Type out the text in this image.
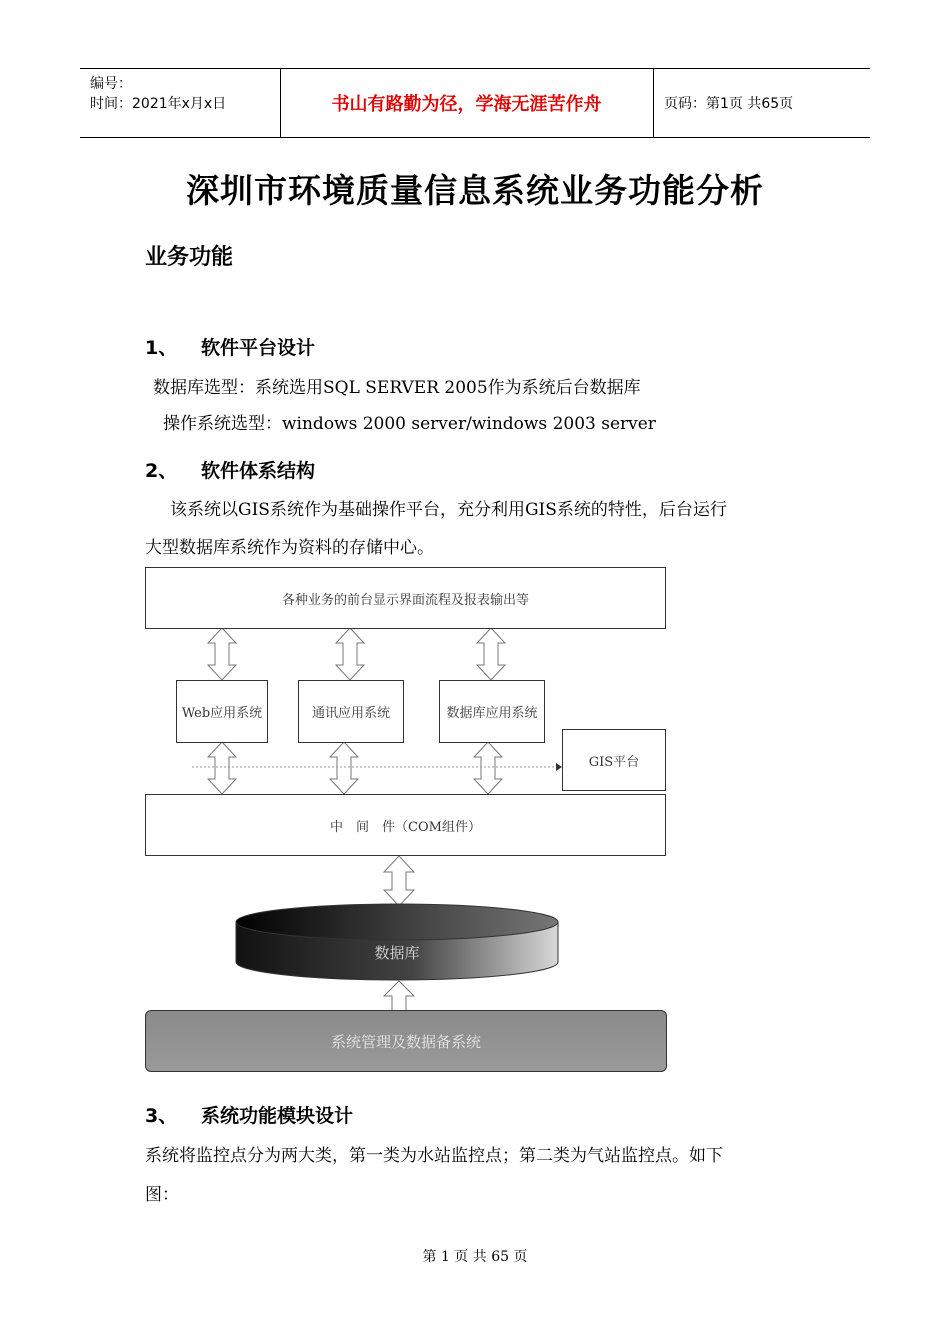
编号：
时间：2021年x月x日	书山有路勤为径，学海无涯苦作舟	页码：第1页 共65页
深圳市环境质量信息系统业务功能分析
业务功能
1、 软件平台设计
数据库选型：系统选用SQL SERVER 2005作为系统后台数据库
操作系统选型：windows 2000 server/windows 2003 server
2、 软件体系结构
该系统以GIS系统作为基础操作平台，充分利用GIS系统的特性，后台运行
大型数据库系统作为资料的存储中心。
各种业务的前台显示界面流程及报表输出等
Web应用系统	通讯应用系统	数据库应用系统
GIS平台
中　间　件（COM组件）
数据库
系统管理及数据备系统
3、 系统功能模块设计
系统将监控点分为两大类，第一类为水站监控点；第二类为气站监控点。如下
图：
第 1 页 共 65 页
